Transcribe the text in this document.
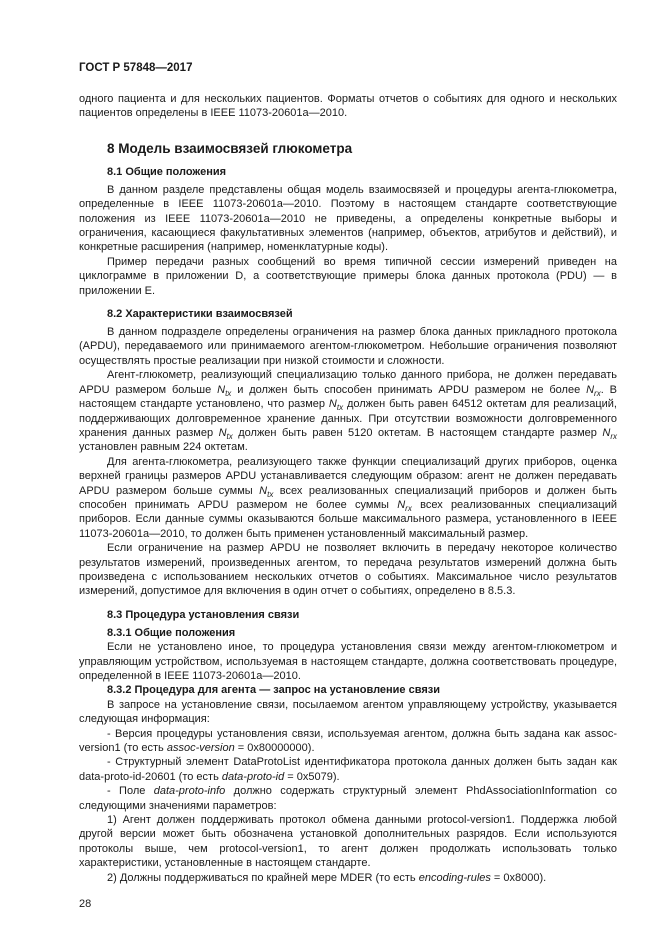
ГОСТ Р 57848—2017

одного пациента и для нескольких пациентов. Форматы отчетов о событиях для одного и нескольких пациентов определены в IEEE 11073-20601a—2010.

8 Модель взаимосвязей глюкометра
8.1 Общие положения

В данном разделе представлены общая модель взаимосвязей и процедуры агента-глюкометра, определенные в IEEE 11073-20601a—2010. Поэтому в настоящем стандарте соответствующие положения из IEEE 11073-20601a—2010 не приведены, а определены конкретные выборы и ограничения, касающиеся факультативных элементов (например, объектов, атрибутов и действий), и конкретные расширения (например, номенклатурные коды).

Пример передачи разных сообщений во время типичной сессии измерений приведен на циклограмме в приложении D, а соответствующие примеры блока данных протокола (PDU) — в приложении E.

8.2 Характеристики взаимосвязей

В данном подразделе определены ограничения на размер блока данных прикладного протокола (APDU), передаваемого или принимаемого агентом-глюкометром. Небольшие ограничения позволяют осуществлять простые реализации при низкой стоимости и сложности.

Агент-глюкометр, реализующий специализацию только данного прибора, не должен передавать APDU размером больше $N_{tx}$ и должен быть способен принимать APDU размером не более $N_{rx}$. В настоящем стандарте установлено, что размер $N_{tx}$ должен быть равен 64512 октетам для реализаций, поддерживающих долговременное хранение данных. При отсутствии возможности долговременного хранения данных размер $N_{tx}$ должен быть равен 5120 октетам. В настоящем стандарте размер $N_{rx}$ установлен равным 224 октетам.

Для агента-глюкометра, реализующего также функции специализаций других приборов, оценка верхней границы размеров APDU устанавливается следующим образом: агент не должен передавать APDU размером больше суммы $N_{tx}$ всех реализованных специализаций приборов и должен быть способен принимать APDU размером не более суммы $N_{rx}$ всех реализованных специализаций приборов. Если данные суммы оказываются больше максимального размера, установленного в IEEE 11073-20601a—2010, то должен быть применен установленный максимальный размер.

Если ограничение на размер APDU не позволяет включить в передачу некоторое количество результатов измерений, произведенных агентом, то передача результатов измерений должна быть произведена с использованием нескольких отчетов о событиях. Максимальное число результатов измерений, допустимое для включения в один отчет о событиях, определено в 8.5.3.

8.3 Процедура установления связи
8.3.1 Общие положения

Если не установлено иное, то процедура установления связи между агентом-глюкометром и управляющим устройством, используемая в настоящем стандарте, должна соответствовать процедуре, определенной в IEEE 11073-20601a—2010.

8.3.2 Процедура для агента — запрос на установление связи

В запросе на установление связи, посылаемом агентом управляющему устройству, указывается следующая информация:

- Версия процедуры установления связи, используемая агентом, должна быть задана как assoc-version1 (то есть assoc-version = 0x80000000).

- Структурный элемент DataProtoList идентификатора протокола данных должен быть задан как data-proto-id-20601 (то есть data-proto-id = 0x5079).

- Поле data-proto-info должно содержать структурный элемент PhdAssociationInformation со следующими значениями параметров:

1) Агент должен поддерживать протокол обмена данными protocol-version1. Поддержка любой другой версии может быть обозначена установкой дополнительных разрядов. Если используются протоколы выше, чем protocol-version1, то агент должен продолжать использовать только характеристики, установленные в настоящем стандарте.

2) Должны поддерживаться по крайней мере MDER (то есть encoding-rules = 0x8000).

28
